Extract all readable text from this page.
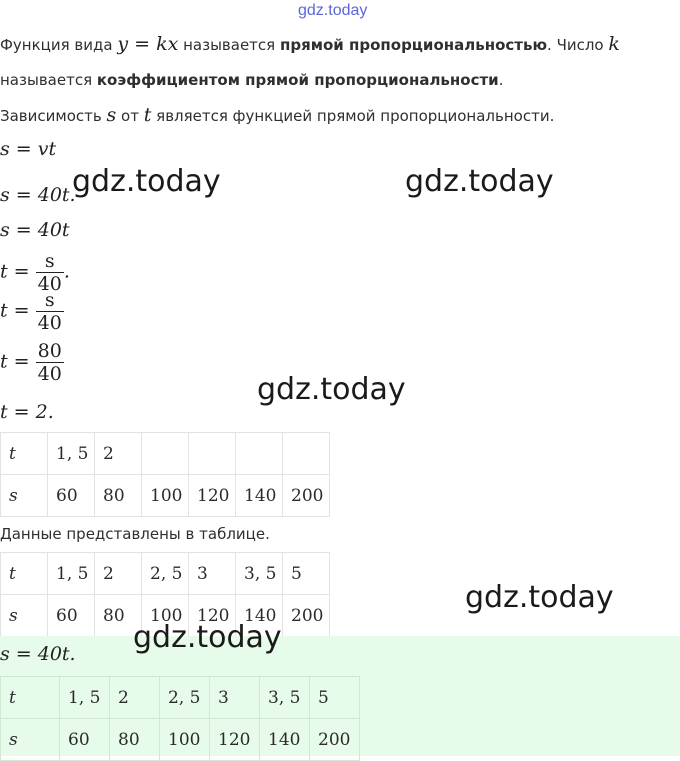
gdz.today
Функция вида y = kx называется прямой пропорциональностью. Число k
называется коэффициентом прямой пропорциональности.
Зависимость s от t является функцией прямой пропорциональности.
s = vt
s = 40t.
s = 40t
$t = \frac{s}{40}$ .
$t = \frac{s}{40}$
$t = \frac{80}{40}$
t = 2.
t	1, 5	2				
s	60	80	100	120	140	200
Данные представлены в таблице.
t	1, 5	2	2, 5	3	3, 5	5
s	60	80	100	120	140	200
s = 40t.
t	1, 5	2	2, 5	3	3, 5	5
s	60	80	100	120	140	200
gdz.today	gdz.today
gdz.today
gdz.today
gdz.today
